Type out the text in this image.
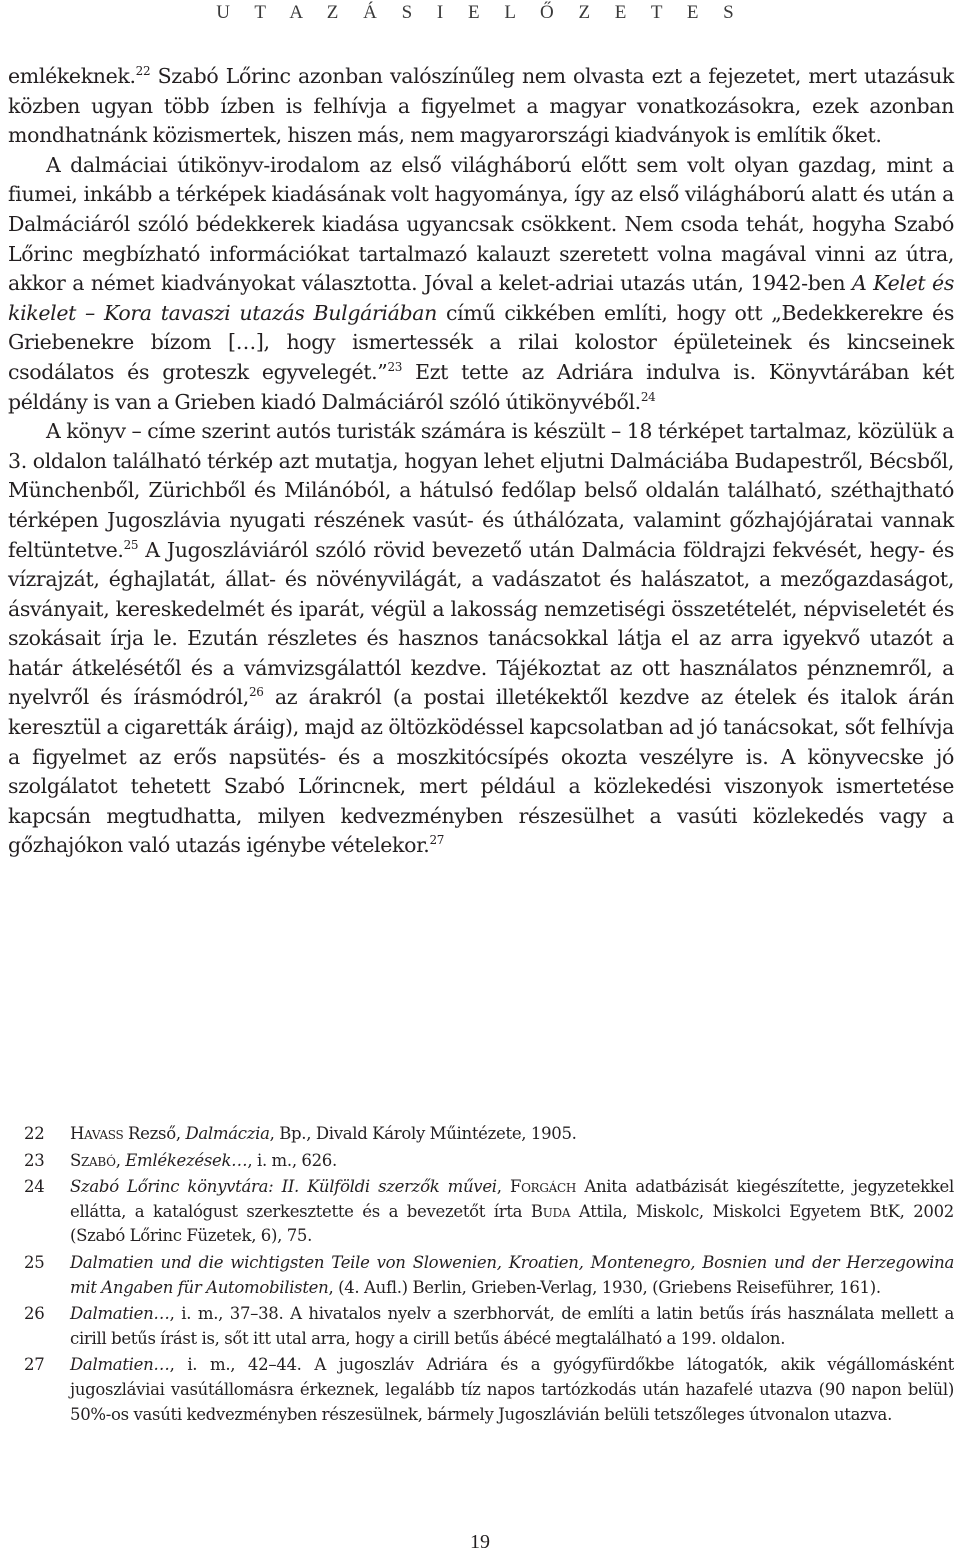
U T A Z Á S I E L Ő Z E T E S

emlékeknek.$^{22}$ Szabó Lőrinc azonban valószínűleg nem olvasta ezt a fejezetet, mert utazásuk közben ugyan több ízben is felhívja a figyelmet a magyar vonatkozásokra, ezek azonban mondhatnánk közismertek, hiszen más, nem magyarországi kiadványok is említik őket.

A dalmáciai útikönyv-irodalom az első világháború előtt sem volt olyan gazdag, mint a fiumei, inkább a térképek kiadásának volt hagyománya, így az első világháború alatt és után a Dalmáciáról szóló bédekkerek kiadása ugyancsak csökkent. Nem csoda tehát, hogyha Szabó Lőrinc megbízható információkat tartalmazó kalauzt szeretett volna magával vinni az útra, akkor a német kiadványokat választotta. Jóval a kelet-adriai utazás után, 1942-ben A Kelet és kikelet – Kora tavaszi utazás Bulgáriában című cikkében említi, hogy ott „Bedekkerekre és Griebenekre bízom […], hogy ismertessék a rilai kolostor épületeinek és kincseinek csodálatos és groteszk egyvelegét.”$^{23}$ Ezt tette az Adriára indulva is. Könyvtárában két példány is van a Grieben kiadó Dalmáciáról szóló útikönyvéből.$^{24}$

A könyv – címe szerint autós turisták számára is készült – 18 térképet tartalmaz, közülük a 3. oldalon található térkép azt mutatja, hogyan lehet eljutni Dalmáciába Budapestről, Bécsből, Münchenből, Zürichből és Milánóból, a hátulsó fedőlap belső oldalán található, széthajtható térképen Jugoszlávia nyugati részének vasút- és úthálózata, valamint gőzhajójáratai vannak feltüntetve.$^{25}$ A Jugoszláviáról szóló rövid bevezető után Dalmácia földrajzi fekvését, hegy- és vízrajzát, éghajlatát, állat- és növényvilágát, a vadászatot és halászatot, a mezőgazdaságot, ásványait, kereskedelmét és iparát, végül a lakosság nemzetiségi összetételét, népviseletét és szokásait írja le. Ezután részletes és hasznos tanácsokkal látja el az arra igyekvő utazót a határ átkelésétől és a vámvizsgálattól kezdve. Tájékoztat az ott használatos pénznemről, a nyelvről és írásmódról,$^{26}$ az árakról (a postai illetékektől kezdve az ételek és italok árán keresztül a cigaretták áráig), majd az öltözködéssel kapcsolatban ad jó tanácsokat, sőt felhívja a figyelmet az erős napsütés- és a moszkitócsípés okozta veszélyre is. A könyvecske jó szolgálatot tehetett Szabó Lőrincnek, mert például a közlekedési viszonyok ismertetése kapcsán megtudhatta, milyen kedvezményben részesülhet a vasúti közlekedés vagy a gőzhajókon való utazás igénybe vételekor.$^{27}$

22	Havass Rezső, Dalmáczia, Bp., Divald Károly Műintézete, 1905.
23	Szabó, Emlékezések…, i. m., 626.
24	Szabó Lőrinc könyvtára: II. Külföldi szerzők művei, Forgách Anita adatbázisát kiegészítette, jegyzetekkel ellátta, a katalógust szerkesztette és a bevezetőt írta Buda Attila, Miskolc, Miskolci Egyetem BtK, 2002 (Szabó Lőrinc Füzetek, 6), 75.
25	Dalmatien und die wichtigsten Teile von Slowenien, Kroatien, Montenegro, Bosnien und der Herzegowina mit Angaben für Automobilisten, (4. Aufl.) Berlin, Grieben-Verlag, 1930, (Griebens Reiseführer, 161).
26	Dalmatien…, i. m., 37–38. A hivatalos nyelv a szerbhorvát, de említi a latin betűs írás használata mellett a cirill betűs írást is, sőt itt utal arra, hogy a cirill betűs ábécé megtalálható a 199. oldalon.
27	Dalmatien…, i. m., 42–44. A jugoszláv Adriára és a gyógyfürdőkbe látogatók, akik végállomásként jugoszláviai vasútállomásra érkeznek, legalább tíz napos tartózkodás után hazafelé utazva (90 napon belül) 50%-os vasúti kedvezményben részesülnek, bármely Jugoszlávián belüli tetszőleges útvonalon utazva.
19
